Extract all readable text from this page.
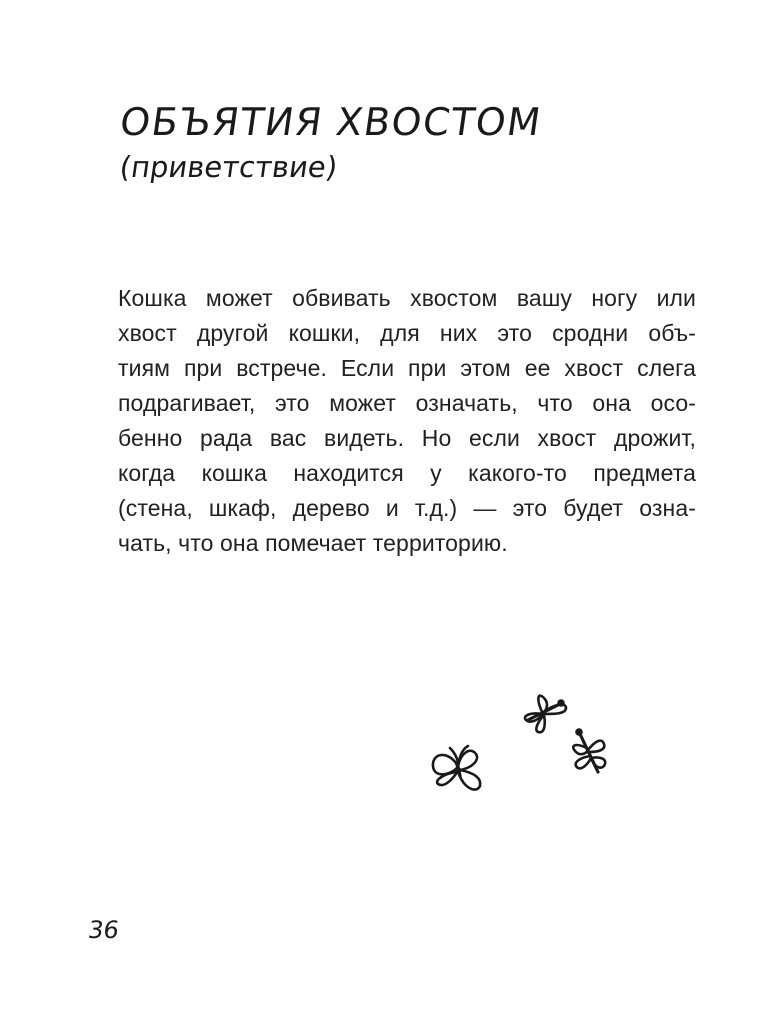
ОБЪЯТИЯ ХВОСТОМ
(приветствие)

Кошка может обвивать хвостом вашу ногу или
хвост другой кошки, для них это сродни объ-
тиям при встрече. Если при этом ее хвост слега
подрагивает, это может означать, что она осо-
бенно рада вас видеть. Но если хвост дрожит,
когда кошка находится у какого-то предмета
(стена, шкаф, дерево и т.д.) — это будет озна-
чать, что она помечает территорию.

36
